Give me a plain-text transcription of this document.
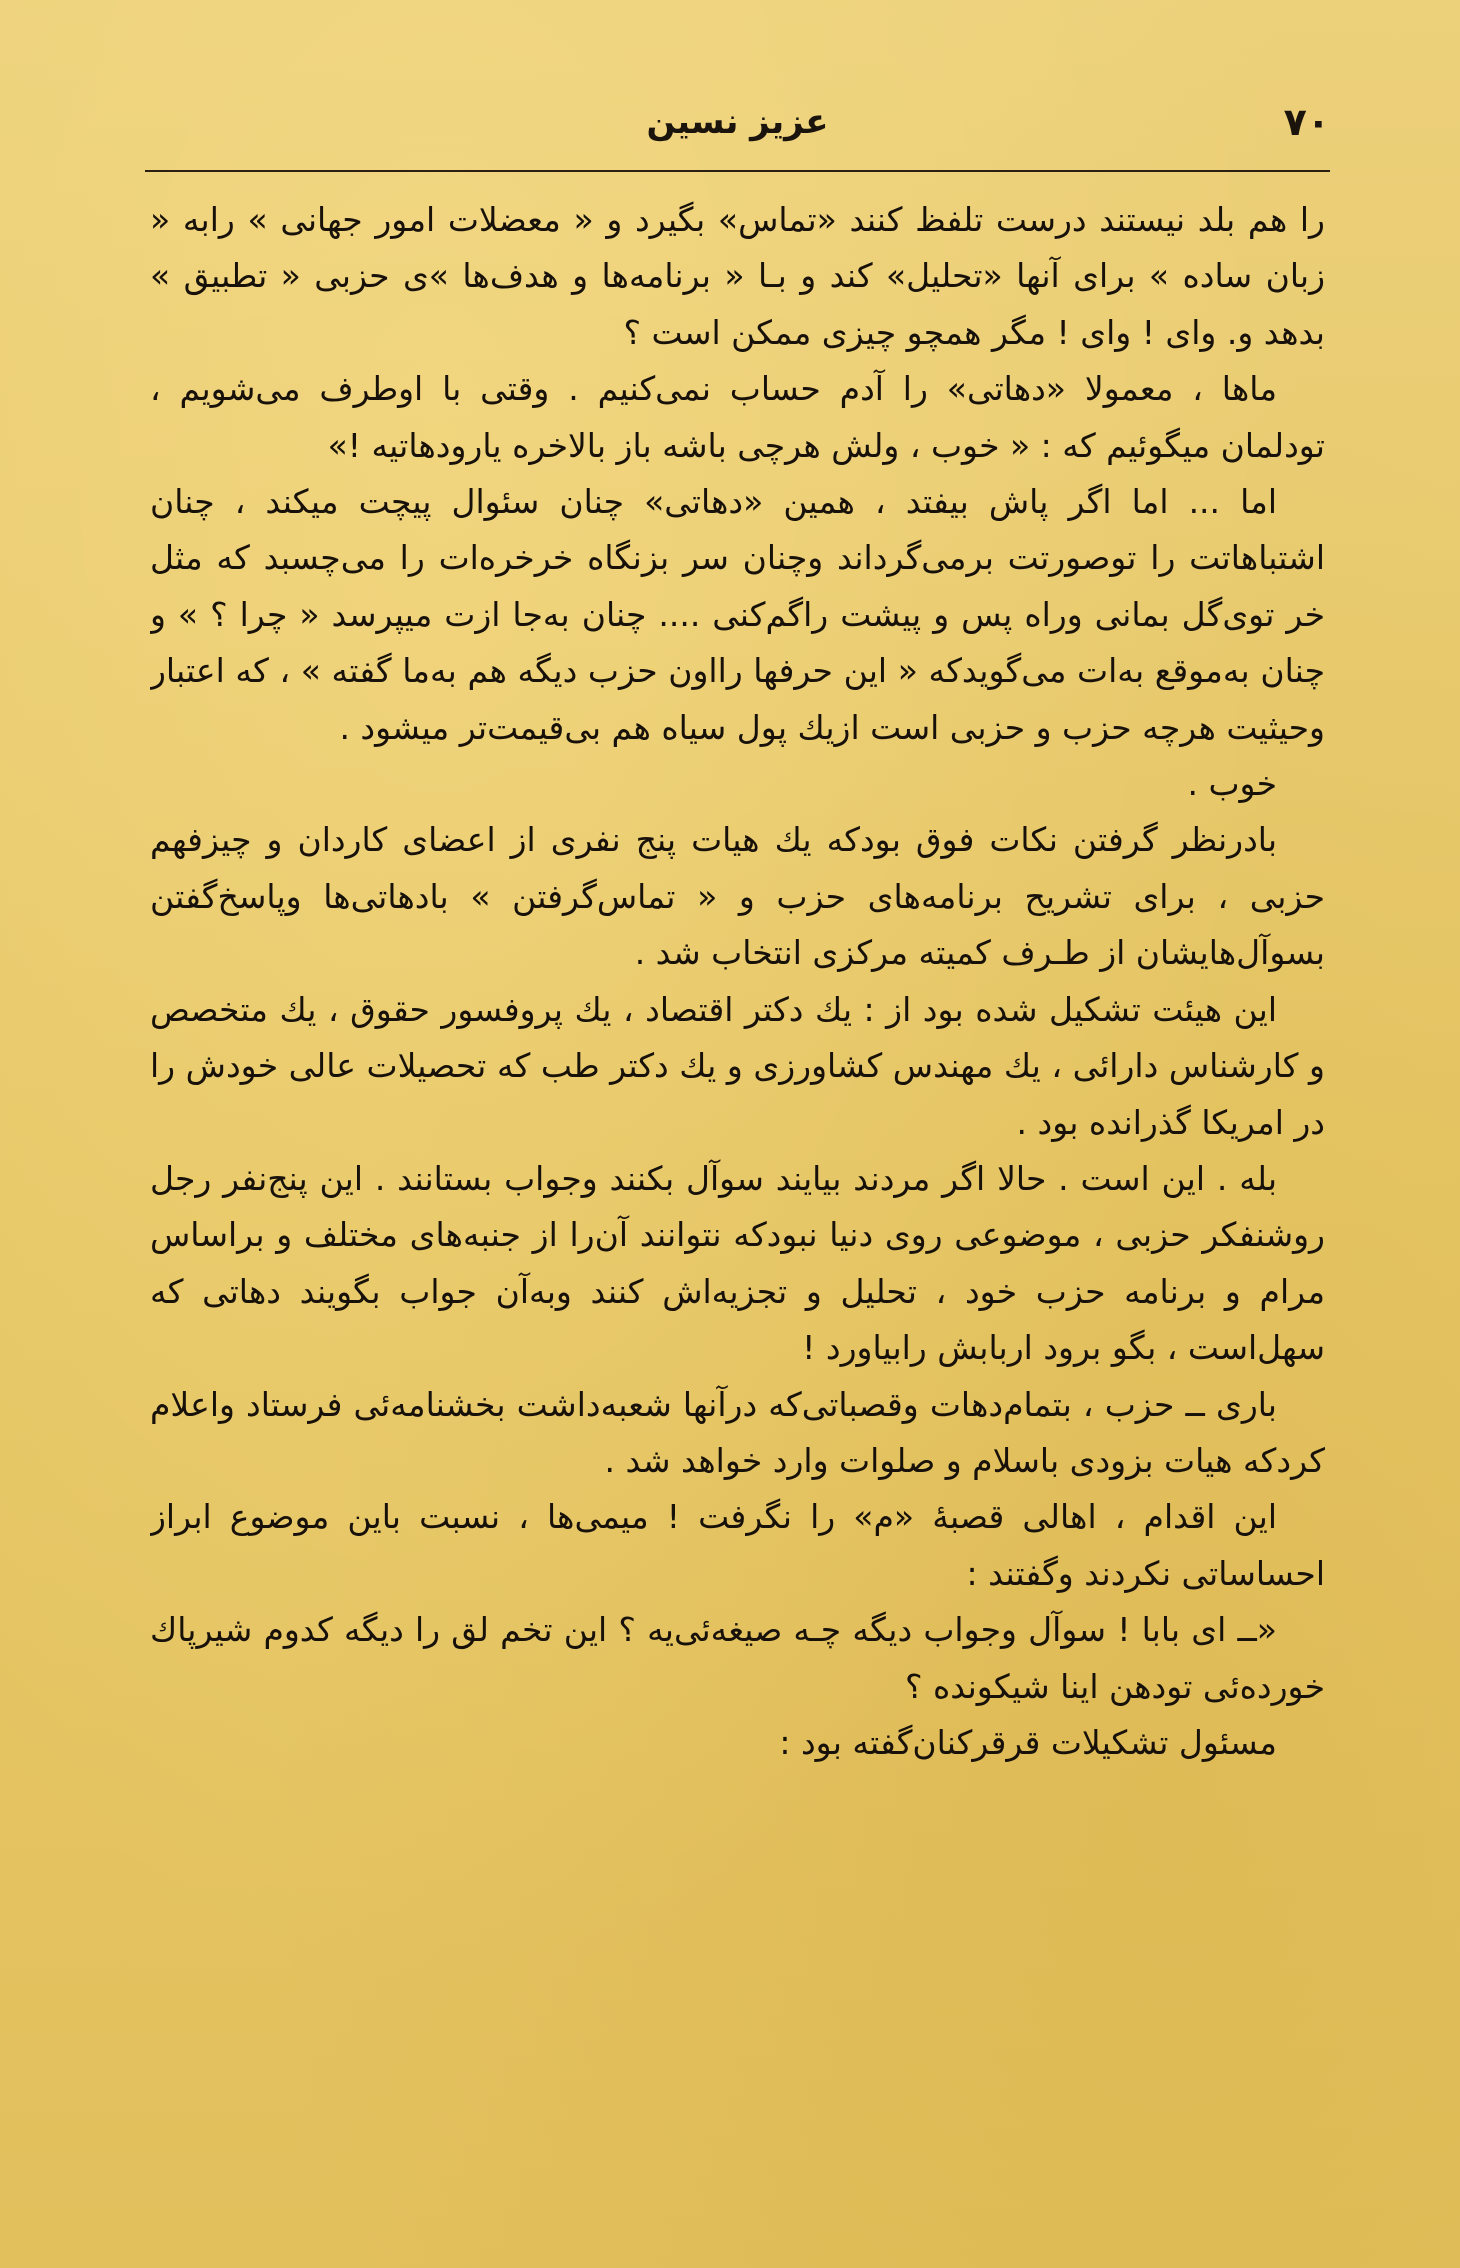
۷۰
عزیز نسین

را هم بلد نیستند درست تلفظ کنند «تماس» بگیرد و « معضلات امور جهانی » رابه « زبان ساده » برای آنها «تحلیل» کند و بـا « برنامه‌ها و هدف‌ها »ی حزبی « تطبیق » بدهد و. وای ! وای ! مگر همچو چیزی ممکن است ؟

ماها ، معمولا «دهاتی» را آدم حساب نمی‌کنیم . وقتی با اوطرف می‌شویم ، تودلمان میگوئیم که : « خوب ، ولش هرچی باشه باز بالاخره یارودهاتیه !»

اما ... اما اگر پاش بیفتد ، همین «دهاتی» چنان سئوال پیچت میکند ، چنان اشتباهاتت را توصورتت برمی‌گرداند وچنان سر بزنگاه خرخره‌ات را می‌چسبد که مثل خر توی‌گل بمانی وراه پس و پیشت راگم‌کنی .... چنان به‌جا ازت میپرسد « چرا ؟ » و چنان به‌موقع به‌ات می‌گوید‌که « این حرفها رااون حزب دیگه هم به‌ما گفته » ، که اعتبار وحیثیت هرچه حزب و حزبی است ازیك پول سیاه هم بی‌قیمت‌تر میشود .

خوب .

بادرنظر گرفتن نکات فوق بودکه یك هیات پنج نفری از اعضای کاردان و چیزفهم حزبی ، برای تشریح برنامه‌های حزب و « تماس‌گرفتن » بادهاتی‌ها وپاسخ‌گفتن بسوآل‌هایشان از طـرف کمیته مرکزی انتخاب شد .

این هیئت تشکیل شده بود از : یك دکتر اقتصاد ، یك پروفسور حقوق ، یك متخصص و کارشناس دارائی ، یك مهندس کشاورزی و یك دکتر طب که تحصیلات عالی خودش را در امریکا گذرانده بود .

بله . این است . حالا اگر مردند بیایند سوآل بکنند وجواب بستانند . این پنج‌نفر رجل روشنفکر حزبی ، موضوعی روی دنیا نبودکه نتوانند آن‌را از جنبه‌های مختلف و براساس مرام و برنامه حزب خود ، تحلیل و تجزیه‌اش کنند وبه‌آن جواب بگویند دهاتی که سهل‌است ، بگو برود اربابش رابیاورد !

باری ــ حزب ، بتمام‌دهات وقصباتی‌که درآنها شعبه‌داشت بخشنامه‌ئی فرستاد واعلام کردکه هیات بزودی باسلام و صلوات وارد خواهد شد .

این اقدام ، اهالی قصبهٔ «م» را نگرفت ! میمی‌ها ، نسبت باین موضوع ابراز احساساتی نکردند وگفتند :

«ــ ای بابا ! سوآل وجواب دیگه چـه صیغه‌ئی‌یه ؟ این تخم لق را دیگه کدوم شیرپاك خورده‌ئی تودهن اینا شیکونده ؟

مسئول تشکیلات قرقرکنان‌گفته بود :
